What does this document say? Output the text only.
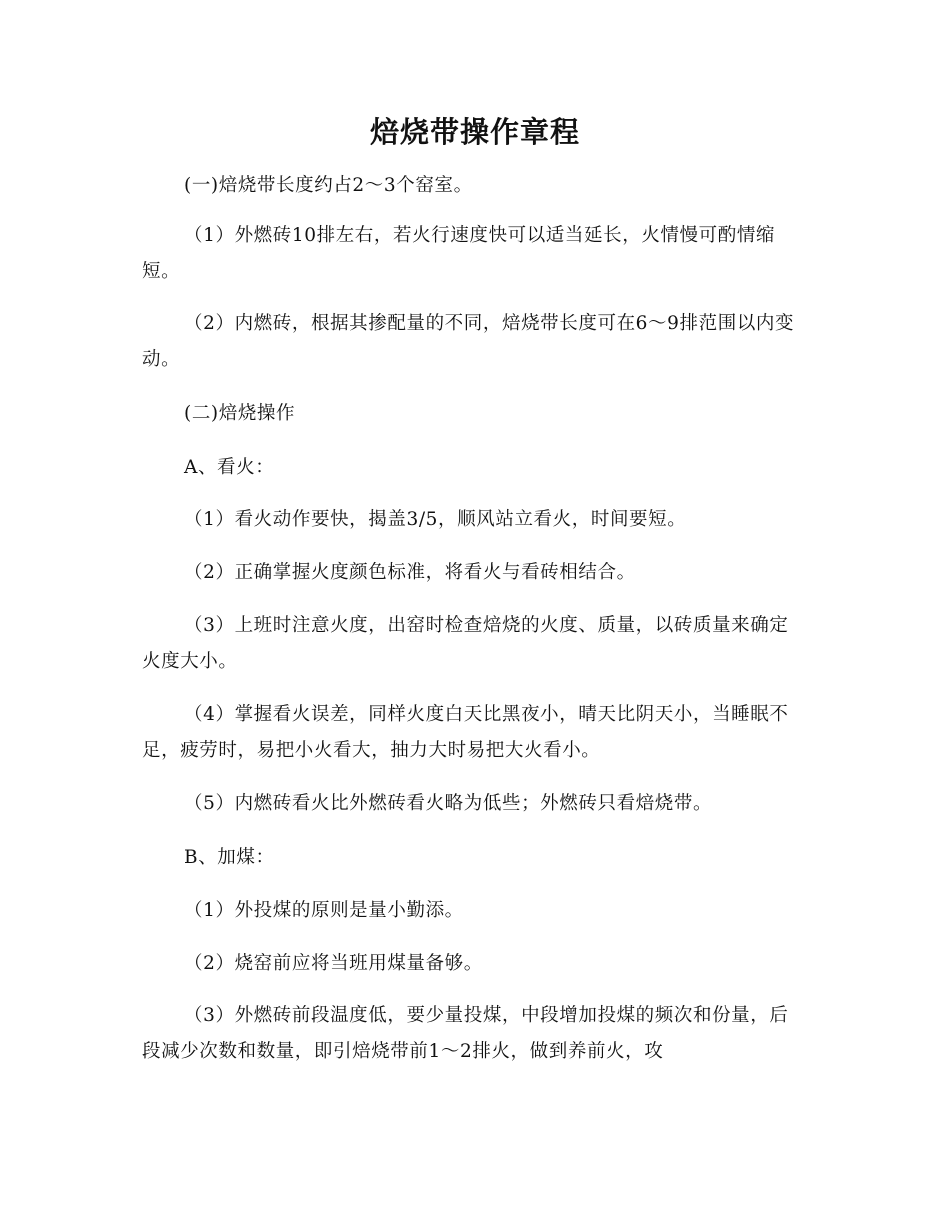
焙烧带操作章程

(一)焙烧带长度约占2～3个窑室。

（1）外燃砖10排左右，若火行速度快可以适当延长，火情慢可酌情缩短。

（2）内燃砖，根据其掺配量的不同，焙烧带长度可在6～9排范围以内变动。

(二)焙烧操作

A、看火：

（1）看火动作要快，揭盖3/5，顺风站立看火，时间要短。

（2）正确掌握火度颜色标准，将看火与看砖相结合。

（3）上班时注意火度，出窑时检查焙烧的火度、质量，以砖质量来确定火度大小。

（4）掌握看火误差，同样火度白天比黑夜小，晴天比阴天小，当睡眠不足，疲劳时，易把小火看大，抽力大时易把大火看小。

（5）内燃砖看火比外燃砖看火略为低些；外燃砖只看焙烧带。

B、加煤：

（1）外投煤的原则是量小勤添。

（2）烧窑前应将当班用煤量备够。

（3）外燃砖前段温度低，要少量投煤，中段增加投煤的频次和份量，后段减少次数和数量，即引焙烧带前1～2排火，做到养前火，攻
